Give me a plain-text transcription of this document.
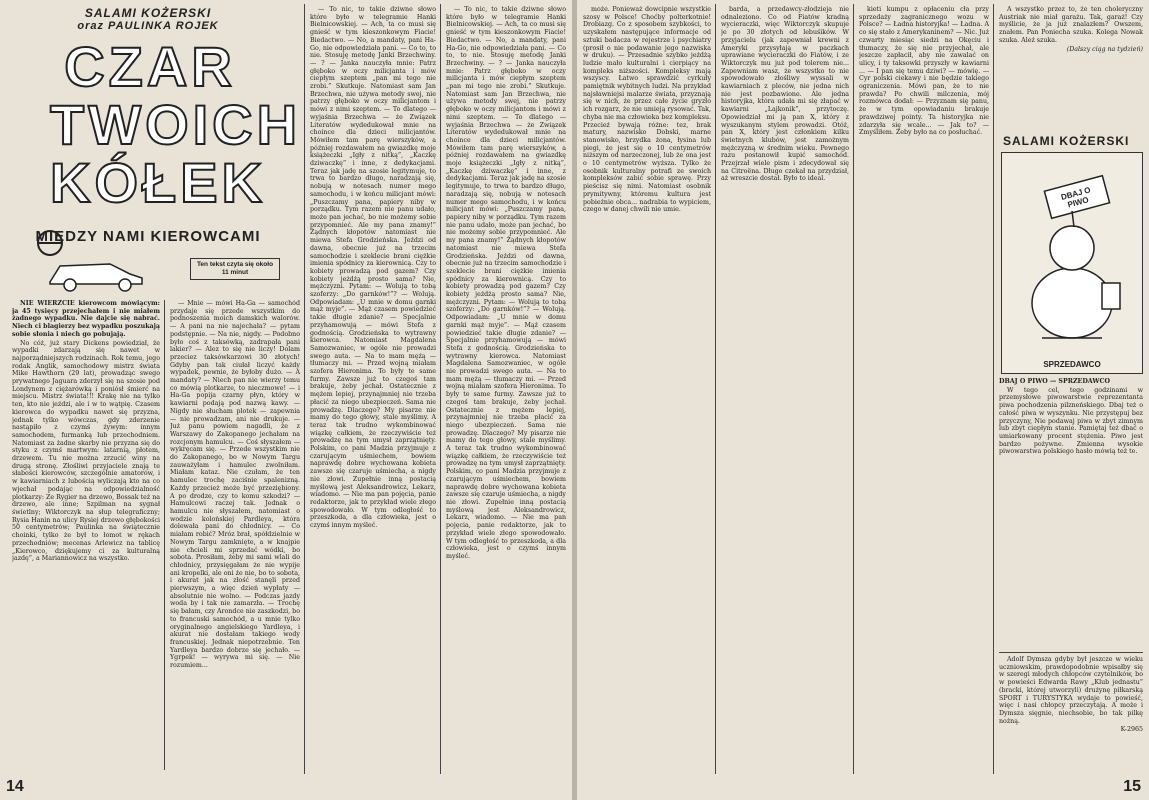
SALAMI KOŻERSKI
oraz PAULINKA ROJEK
CZAR
TWOICH
KÓŁEK
MIĘDZY NAMI KIEROWCAMI
Ten tekst czyta się około 11 minut

NIE WIERZCIE kierowcom mówiącym: ja 45 tysięcy przejechałem i nie miałem żadnego wypadku. Nie dajcie się nabrać. Niech ci blagierzy bez wypadku poszukają sobie słonia i niech go pobujają.

No cóż, już stary Dickens powiedział, że wypadki zdarzają się nawet w najporządniejszych rodzinach. Rok temu, jego rodak Anglik, samochodowy mistrz świata Mike Hawthorn (29 lat), prowadząc swego prywatnego Jaguara zderzył się na szosie pod Londynem z ciężarówką i poniósł śmierć na miejscu. Mistrz świata!!! Krakę nie na tylko ten, kto nie jeździ, ale i w to wątpię. Czasem kierowca do wypadku nawet się przyzna, jednak tylko wówczas, gdy zderzenie nastąpiło z czymś żywym: innym samochodem, furmanką lub przechodniem. Natomiast za żadne skarby nie przyzna się do styku z czymś martwym: latarnią, płotem, drzewem. Tu nie można zrzucić winy na drugą stronę. Złośliwi przyjaciele znają te słabości kierowców, szczególnie amatorów, i w kawiarniach z lubością wyliczają kto na co wjechał podając na odpowiedzialność plotkarzy: Ze Rygier na drzewo, Bossak też na drzewo, ale inne; Szpilman na sygnał świetlny; Wiktorczyk na słup telegraficzny; Rysia Hanin na ulicy Rysiej drzewo głębokości 50 centymetrów; Paulinka na świątecznie choinki, tylko że był to łomot w rękach przechodniów; mecenas Arlewicz na tablicę „Kierowco, dziękujemy ci za kulturalną jazdę”, a Mariannowicz na wszystko.

— Mnie — mówi Ha-Ga — samochód przydaje się przede wszystkim do podnoszenia moich damskich walorów. — A pani na nie najechała? — pytam podstępnie. — Na nie, nigdy. — Podobno było coś z taksówką, zadrapała pani lakier? — Alez to się nie liczy! Dolam przeciez taksówkarzowi 30 złotych! Gdyby pan tak ciułał liczyć każdy wypadek, pewnie, że byłoby dużo. — A mandaty? — Niech pan nie wierzy temu co mówią plotkarze, to nieczmowe! — i Ha-Ga popija czarny płyn, który w kawiarni podają pod nazwą kawy. — Nigdy nie słucham plotek — zapewnia — nie prowadzam, ani nie drukuje. — Już panu powiem nagadli, że z Warszawy do Zakopanego jechałam na rozcjonym hamulcu. — Coś słyszałem — wykręcam się. — Przede wszystkim nie do Zakopanego, bo w Nowym Targu zauważyłam i hamulec zwolniłam. Miałam kataz. Nie czułam, że ten hamulec trochę zaciśnie spalenizną. Każdy przecież może być przeziębiony. A po drodze, czy to komu szkodzi? — Hamulcowi raczej tak. Jednak o hamulcu nie słyszałem, natomiast o wodzie kolońskiej Pardleya, która dolewała pani do chłodnicy. — Co miałam robić? Mróz brał, spółdzielnie w Nowym Targu zamknięte, a w knajpie nie chcieli mi sprzedać wódki, bo sobota. Prosiłam, żeby mi sami wlali do chłodnicy, przysięgałam że nie wypije ani kropelki, ale oni że nie, bo to sobota, i akurat jak na złość stanęli przed pierwszym, a więc dzień wypłaty — absolutnie nie wolno. — Podczas jazdy woda by i tak nie zamarzła. — Trochę się bałam, czy Arondce nie zaszkodzi, bo to francuski samochód, a u mnie tylko oryginalnego angielskiego Yardleya, i akurat nie dostałam takiego wody francuskiej. Jednak niepotrzebnie. Ten Yardleya bardzo dobrze się jechało. — Ygrpek! — wyrywa mi się. — Nie rozumiem...

— To nic, to takie dziwne słowo które było w telegramie Hanki Bielnicowskiej. — Ach, ta co musi się gnieść w tym kieszonkowym Fiacie! Biedactwo. — No, a mandaty, pani Ha-Go, nie odpowiedziała pani. — Co to, to nie. Stosuję metodę Janki Brzechwiny. — ? — Janka nauczyła mnie: Patrz głęboko w oczy milicjanta i mów ciepłym szeptem „pan mi tego nie zrobi.” Skutkuje. Natomiast sam Jan Brzechwa, nie używa metody swej, nie patrzy głęboko w oczy milicjantom i mówi z nimi szeptem. — To dlatego — wyjaśnia Brzechwa — że Związek Literatów wydedukował mnie na choince dla dzieci milicjantów. Mówiłem tam parę wierszyków, a później rozdawałem na gwiazdkę moje książeczki „Igły z nitką”, „Kaczkę dziwaczkę” i inne, z dedykacjami. Teraz jak jadę na szosie legitymuje, to trwa to bardzo długo, naradzają się, nobują w notesach numer mego samochodu, i w końcu milicjant mówi: „Puszczamy pana, papiery niby w porządku. Tym razem nie panu udało, może pan jechać, bo nie możemy sobie przypomnieć. Ale my pana znamy!” Żądnych kłopotów natomiast nie miewa Stefa Grodzieńska. Jeździ od dawna, obecnie już na trzecim samochodzie i szeklecie brani ciężkie imienia spódnicy za kierownicą. Czy to kobiety prowadzą pod gazem? Czy kobiety jeżdżą prosto sama? Nie, mężczyzni. Pytam: — Wolują to tobą szoferzy: „Do garnków!”? — Wolują. Odpowiadam: „U mnie w domu garnki mąż myje”. — Mąż czasem powiedzieć takie długie zdanie? — Specjalnie przyhamowują — mówi Stefa z godnością. Grodzieńska to wytrawny kierowca. Natomiast Magdalena Samozwaniec, w ogóle nie prowadzi swego auta. — Na to mam mężą — tłumaczy mi. — Przed wojną miałam szofera Hieronima. To były te same furmy. Zawsze już to czegoś tam brakuje, żeby jechał. Ostatecznie z mężem lepiej, przynajmniej nie trzeba płacić za niego ubezpieczeń. Sama nie prowadzę. Dlaczego? My pisarze nie mamy do tego głowy, stale myślimy. A teraz tak trudno wykombinować wiązkę całkiem, że rzeczywiście też prowadzę na tym umysł zaprzątnięty. Polskim, co pani Madzia przyjmuje z czarującym uśmiechem, bowiem naprawdę dobre wychowana kobieta zawsze się czaruje uśmiecha, a nigdy nie złowi. Zupełnie inną postacią myślową jest Aleksandrowicz, Lekarz, wiadomo. — Nie ma pan pojęcia, panie redaktorze, jak to przykład wiele złego spowodowało. W tym odległość to przeszkoda, a dla człowieka, jest o czymś innym myśleć.

— To nic, to takie dziwne słowo które było w telegramie Hanki Bielnicowskiej. — Ach, ta co musi się gnieść w tym kieszonkowym Fiacie! Biedactwo. — No, a mandaty, pani Ha-Go, nie odpowiedziała pani. — Co to, to nie. Stosuję metodę Janki Brzechwiny. — ? — Janka nauczyła mnie: Patrz głęboko w oczy milicjanta i mów ciepłym szeptem „pan mi tego nie zrobi.” Skutkuje. Natomiast sam Jan Brzechwa, nie używa metody swej, nie patrzy głęboko w oczy milicjantom i mówi z nimi szeptem. — To dlatego — wyjaśnia Brzechwa — że Związek Literatów wydedukował mnie na choince dla dzieci milicjantów. Mówiłem tam parę wierszyków, a później rozdawałem na gwiazdkę moje książeczki „Igły z nitką”, „Kaczkę dziwaczkę” i inne, z dedykacjami. Teraz jak jadę na szosie legitymuje, to trwa to bardzo długo, naradzają się, nobują w notesach numer mego samochodu, i w końcu milicjant mówi: „Puszczamy pana, papiery niby w porządku. Tym razem nie panu udało, może pan jechać, bo nie możemy sobie przypomnieć. Ale my pana znamy!” Żądnych kłopotów natomiast nie miewa Stefa Grodzieńska. Jeździ od dawna, obecnie już na trzecim samochodzie i szeklecie brani ciężkie imienia spódnicy za kierownicą. Czy to kobiety prowadzą pod gazem? Czy kobiety jeżdżą prosto sama? Nie, mężczyzni. Pytam: — Wolują to tobą szoferzy: „Do garnków!”? — Wolują. Odpowiadam: „U mnie w domu garnki mąż myje”. — Mąż czasem powiedzieć takie długie zdanie? — Specjalnie przyhamowują — mówi Stefa z godnością. Grodzieńska to wytrawny kierowca. Natomiast Magdalena Samozwaniec, w ogóle nie prowadzi swego auta. — Na to mam mężą — tłumaczy mi. — Przed wojną miałam szofera Hieronima. To były te same furmy. Zawsze już to czegoś tam brakuje, żeby jechał. Ostatecznie z mężem lepiej, przynajmniej nie trzeba płacić za niego ubezpieczeń. Sama nie prowadzę. Dlaczego? My pisarze nie mamy do tego głowy, stale myślimy. A teraz tak trudno wykombinować wiązkę całkiem, że rzeczywiście też prowadzę na tym umysł zaprzątnięty. Polskim, co pani Madzia przyjmuje z czarującym uśmiechem, bowiem naprawdę dobre wychowana kobieta zawsze się czaruje uśmiecha, a nigdy nie złowi. Zupełnie inną postacią myślową jest Aleksandrowicz, Lekarz, wiadomo. — Nie ma pan pojęcia, panie redaktorze, jak to przykład wiele złego spowodowało. W tym odległość to przeszkoda, a dla człowieka, jest o czymś innym myśleć.

14

może. Ponieważ dowcipnie wszystkie szosy w Polsce! Choćby polterkotnie! Drobiazg. Co z sposobem szybkości, to uzyskałem następujące informacje od sztuki badacza w rejestrze i psychiatry (prosił o nie podawanie jego nazwiska w druku). — Przesadnie szybko jeżdżą ludzie mało kulturalni i cierpiący na kompleks niższości. Kompleksy mają wszyscy. Łatwo sprawdzić cyrkuły pamiętnik wybitnych ludzi. Na przykład najsławniejsi malarze świata, przyznają się w nich, że przez całe życie gryzło ich rozgarz, że nie umieją rysować. Tak, chyba nie ma człowieka bez kompleksu. Przecież bywają różne: tez, brak matury, nazwisko Dobski, marne stanowisko, brzydka żona, łysina lub piegi, że jest się o 10 centymetrów niższym od narzeczonej, lub że ona jest o 10 centymetrów wyższa. Tylko że osobnik kulturalny potrafi ze swoich kompleksów zabić sobie sprawę. Przy pieścisz się nimi. Natomiast osobnik prymitywny, któremu kultura jest pobieżnie obca... nadrabia to wypiciem, czego w danej chwili nie umie.

barda, a przedawcy-złodzieja nie odnaleziono. Co od Fiatów kradną wycieraczki, więc Wiktorczyk skupuje je po 30 złotych od lebuśików. W przyjacielu (jak zapewniał krewni z Ameryki przysyłają w paczkach uprawiane wycieraczki do Fiatów, i ze Wiktorczyk mu już pod tolerem nie... Zapewniam wasz, że wszystko to nie spowodowało złośliwy wyssali w kawiarniach z pleców, nie jedna nich nie jest pozbawione. Ale jedna historyjka, która udała mi się złapać w kawiarni „Lajkonik”, przytoczę. Opowiedział mi ją pan X, który z wyszukanym stylem prowadzi. Otóż, pan X, który jest członkiem kilku świetnych klubów, jest zamożnym mężczyzną w średnim wieku. Pewnego razu postanowił kupić samochód. Przejrzał wiele pism i zdecydował się na Citroëna. Długo czekał na przydział, aż wreszcie dostał. Było to ideal.

kieti kumpu z opłaceniu cła przy sprzedaży zagranicznego wozu w Polsce? — Ładna historyjka! — Ładna. A co się stało z Amerykaninem? — Nic. Już czwarty miesiąc siedzi na Okęciu i tłumaczy, że się nie przyjechał, ale jeszcze zapłacił, aby nie zawalać on ulicy, i ty taksowki przyszły w kawiarni ... — I pan się temu dziwi? — mówię. — Cyr polski ciekawy i nie będzie takiego ograniczenia. Mówi pan, że to nie prawda? Po chwili milczenia, mój rozmówca dodał: — Przyznam się panu, że w tym opowiadaniu brakuje prawdziwej pointy. Ta historyjka nie zdarzyła się wcale... — Jak to? — Zmyśliłem. Żeby było na co posłuchać.

A wszystko przez to, że ten choleryczny Austriak nie miał garażu. Tak, garaż! Czy myślicie, że ja już znalazłem? Owszem, znałem. Pan Poniecha szuka. Kolega Nowak szuka. Ależ szuka.

(Dalszy ciąg na tydzień)

SALAMI KOŻERSKI
DBAJ O PIWO
SPRZEDAWCO

DBAJ O PIWO — SPRZEDAWCO

W tego cel, tego godzinami w przemysłowe piwowarstwie reprezentanta piwa pochodzenia pilzneńskiego. Dbaj też o całość piwa w wyszynku. Nie przystępuj bez przyczyny, Nie podawaj piwa w zbyt zimnym lub zbyt ciepłym stanie. Pamiętaj też dbać o umiarkowany procent stężenia. Piwo jest bardzo pożywne. Zmienna wysokie piwowarstwa polskiego hasło mówią też te.

Adolf Dymsza gdyby był jeszcze w wieku uczniowskim, prawdopodobnie wpisałby się w szeregi młodych chłopców czytelników, bo w powieści Edwarda Rawy „Klub jednastu” (bracki, której utworzyli) drużynę piłkarską SPORT i TURYSTYKA wydaje to powieść, więc i nasi chłopcy przeczytają. A może i Dymsza sięgnie, niechsobie, bo tak pilkę nożną.

K-2965

15
